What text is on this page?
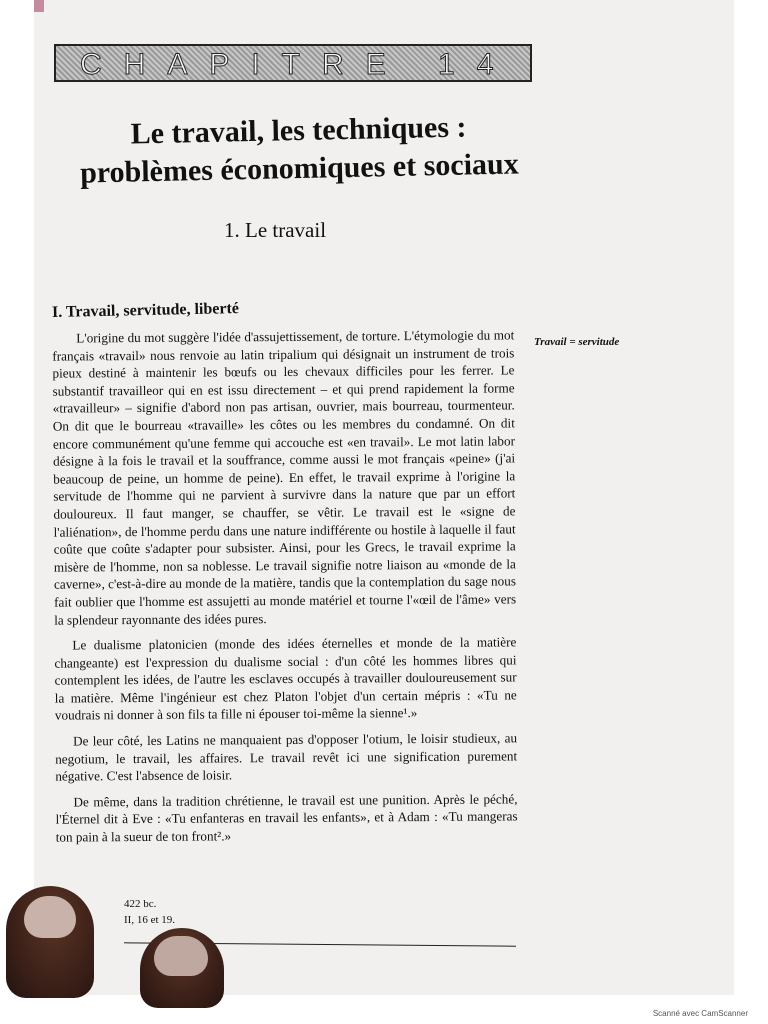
CHAPITRE 14
Le travail, les techniques :
problèmes économiques et sociaux
1. Le travail
I. Travail, servitude, liberté
Travail = servitude

L'origine du mot suggère l'idée d'assujettissement, de torture. L'étymologie du mot français «travail» nous renvoie au latin tripalium qui désignait un instrument de trois pieux destiné à maintenir les bœufs ou les chevaux difficiles pour les ferrer. Le substantif travailleor qui en est issu directement – et qui prend rapidement la forme «travailleur» – signifie d'abord non pas artisan, ouvrier, mais bourreau, tourmenteur. On dit que le bourreau «travaille» les côtes ou les membres du condamné. On dit encore communément qu'une femme qui accouche est «en travail». Le mot latin labor désigne à la fois le travail et la souffrance, comme aussi le mot français «peine» (j'ai beaucoup de peine, un homme de peine). En effet, le travail exprime à l'origine la servitude de l'homme qui ne parvient à survivre dans la nature que par un effort douloureux. Il faut manger, se chauffer, se vêtir. Le travail est le «signe de l'aliénation», de l'homme perdu dans une nature indifférente ou hostile à laquelle il faut coûte que coûte s'adapter pour subsister. Ainsi, pour les Grecs, le travail exprime la misère de l'homme, non sa noblesse. Le travail signifie notre liaison au «monde de la caverne», c'est-à-dire au monde de la matière, tandis que la contemplation du sage nous fait oublier que l'homme est assujetti au monde matériel et tourne l'«œil de l'âme» vers la splendeur rayonnante des idées pures.

Le dualisme platonicien (monde des idées éternelles et monde de la matière changeante) est l'expression du dualisme social : d'un côté les hommes libres qui contemplent les idées, de l'autre les esclaves occupés à travailler douloureusement sur la matière. Même l'ingénieur est chez Platon l'objet d'un certain mépris : «Tu ne voudrais ni donner à son fils ta fille ni épouser toi-même la sienne¹.»

De leur côté, les Latins ne manquaient pas d'opposer l'otium, le loisir studieux, au negotium, le travail, les affaires. Le travail revêt ici une signification purement négative. C'est l'absence de loisir.

De même, dans la tradition chrétienne, le travail est une punition. Après le péché, l'Éternel dit à Eve : «Tu enfanteras en travail les enfants», et à Adam : «Tu mangeras ton pain à la sueur de ton front².»

422 bc.
II, 16 et 19.
Scanné avec CamScanner
